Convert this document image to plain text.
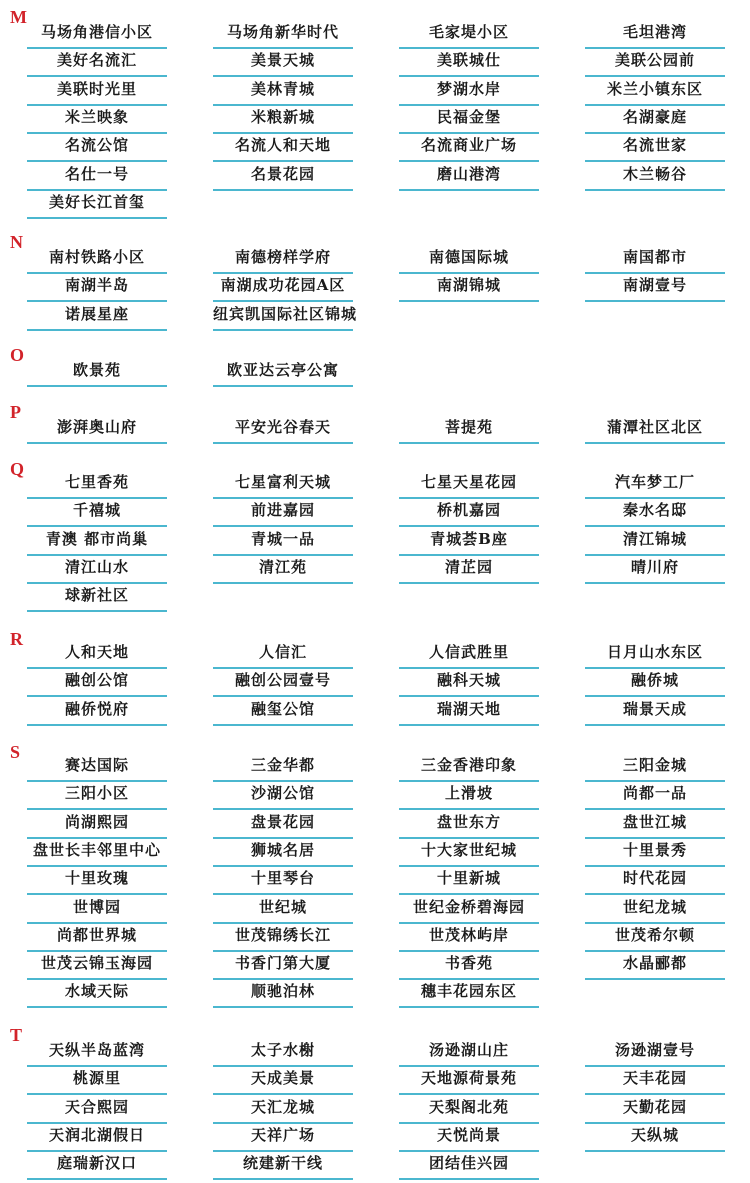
M
马场角港信小区	马场角新华时代	毛家堤小区	毛坦港湾
美好名流汇	美景天城	美联城仕	美联公园前
美联时光里	美林青城	梦湖水岸	米兰小镇东区
米兰映象	米粮新城	民福金堡	名湖豪庭
名流公馆	名流人和天地	名流商业广场	名流世家
名仕一号	名景花园	磨山港湾	木兰畅谷
美好长江首玺
N
南村铁路小区	南德榜样学府	南德国际城	南国都市
南湖半岛	南湖成功花园A区	南湖锦城	南湖壹号
诺展星座	纽宾凯国际社区锦城
O
欧景苑	欧亚达云亭公寓
P
澎湃奥山府	平安光谷春天	菩提苑	蒲潭社区北区
Q
七里香苑	七星富利天城	七星天星花园	汽车梦工厂
千禧城	前进嘉园	桥机嘉园	秦水名邸
青澳 都市尚巢	青城一品	青城荟B座	清江锦城
清江山水	清江苑	清芷园	晴川府
球新社区
R
人和天地	人信汇	人信武胜里	日月山水东区
融创公馆	融创公园壹号	融科天城	融侨城
融侨悦府	融玺公馆	瑞湖天地	瑞景天成
S
赛达国际	三金华都	三金香港印象	三阳金城
三阳小区	沙湖公馆	上滑坡	尚都一品
尚湖熙园	盘景花园	盘世东方	盘世江城
盘世长丰邻里中心	狮城名居	十大家世纪城	十里景秀
十里玫瑰	十里琴台	十里新城	时代花园
世博园	世纪城	世纪金桥碧海园	世纪龙城
尚都世界城	世茂锦绣长江	世茂林屿岸	世茂希尔顿
世茂云锦玉海园	书香门第大厦	书香苑	水晶郦都
水域天际	顺驰泊林	穗丰花园东区
T
天纵半岛蓝湾	太子水榭	汤逊湖山庄	汤逊湖壹号
桃源里	天成美景	天地源荷景苑	天丰花园
天合熙园	天汇龙城	天梨阁北苑	天勤花园
天润北湖假日	天祥广场	天悦尚景	天纵城
庭瑞新汉口	统建新干线	团结佳兴园
